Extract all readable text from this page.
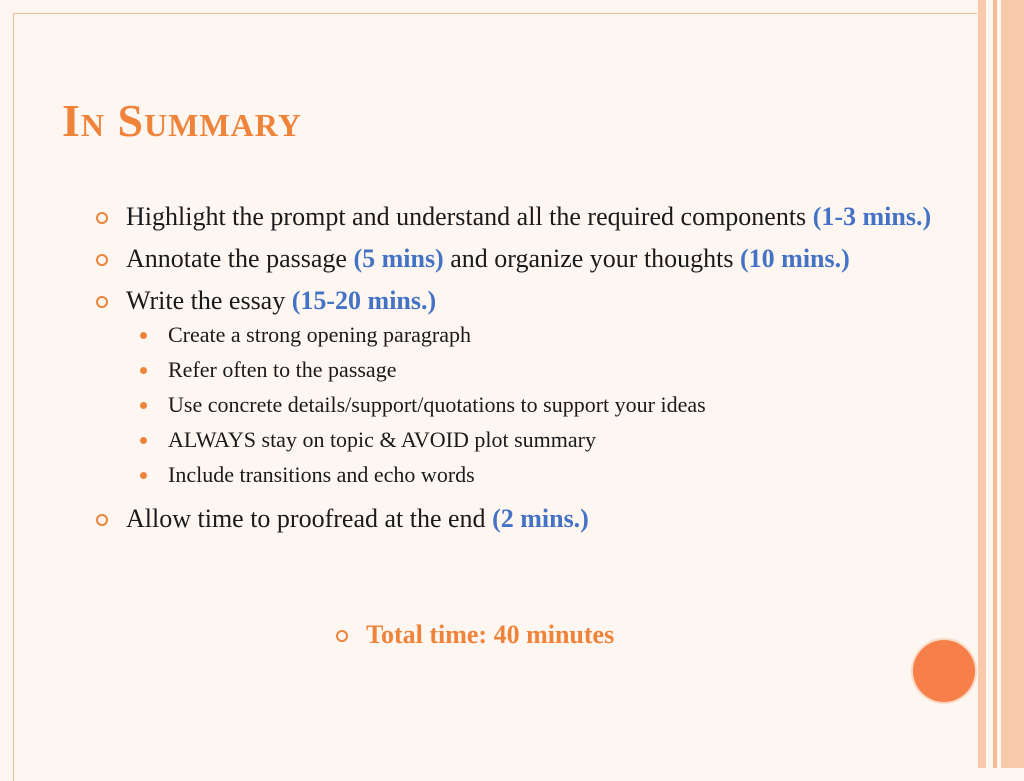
In Summary
Highlight the prompt and understand all the required components (1-3 mins.)
Annotate the passage (5 mins) and organize your thoughts (10 mins.)
Write the essay (15-20 mins.)
Create a strong opening paragraph
Refer often to the passage
Use concrete details/support/quotations to support your ideas
ALWAYS stay on topic & AVOID plot summary
Include transitions and echo words
Allow time to proofread at the end (2 mins.)
Total time: 40 minutes
